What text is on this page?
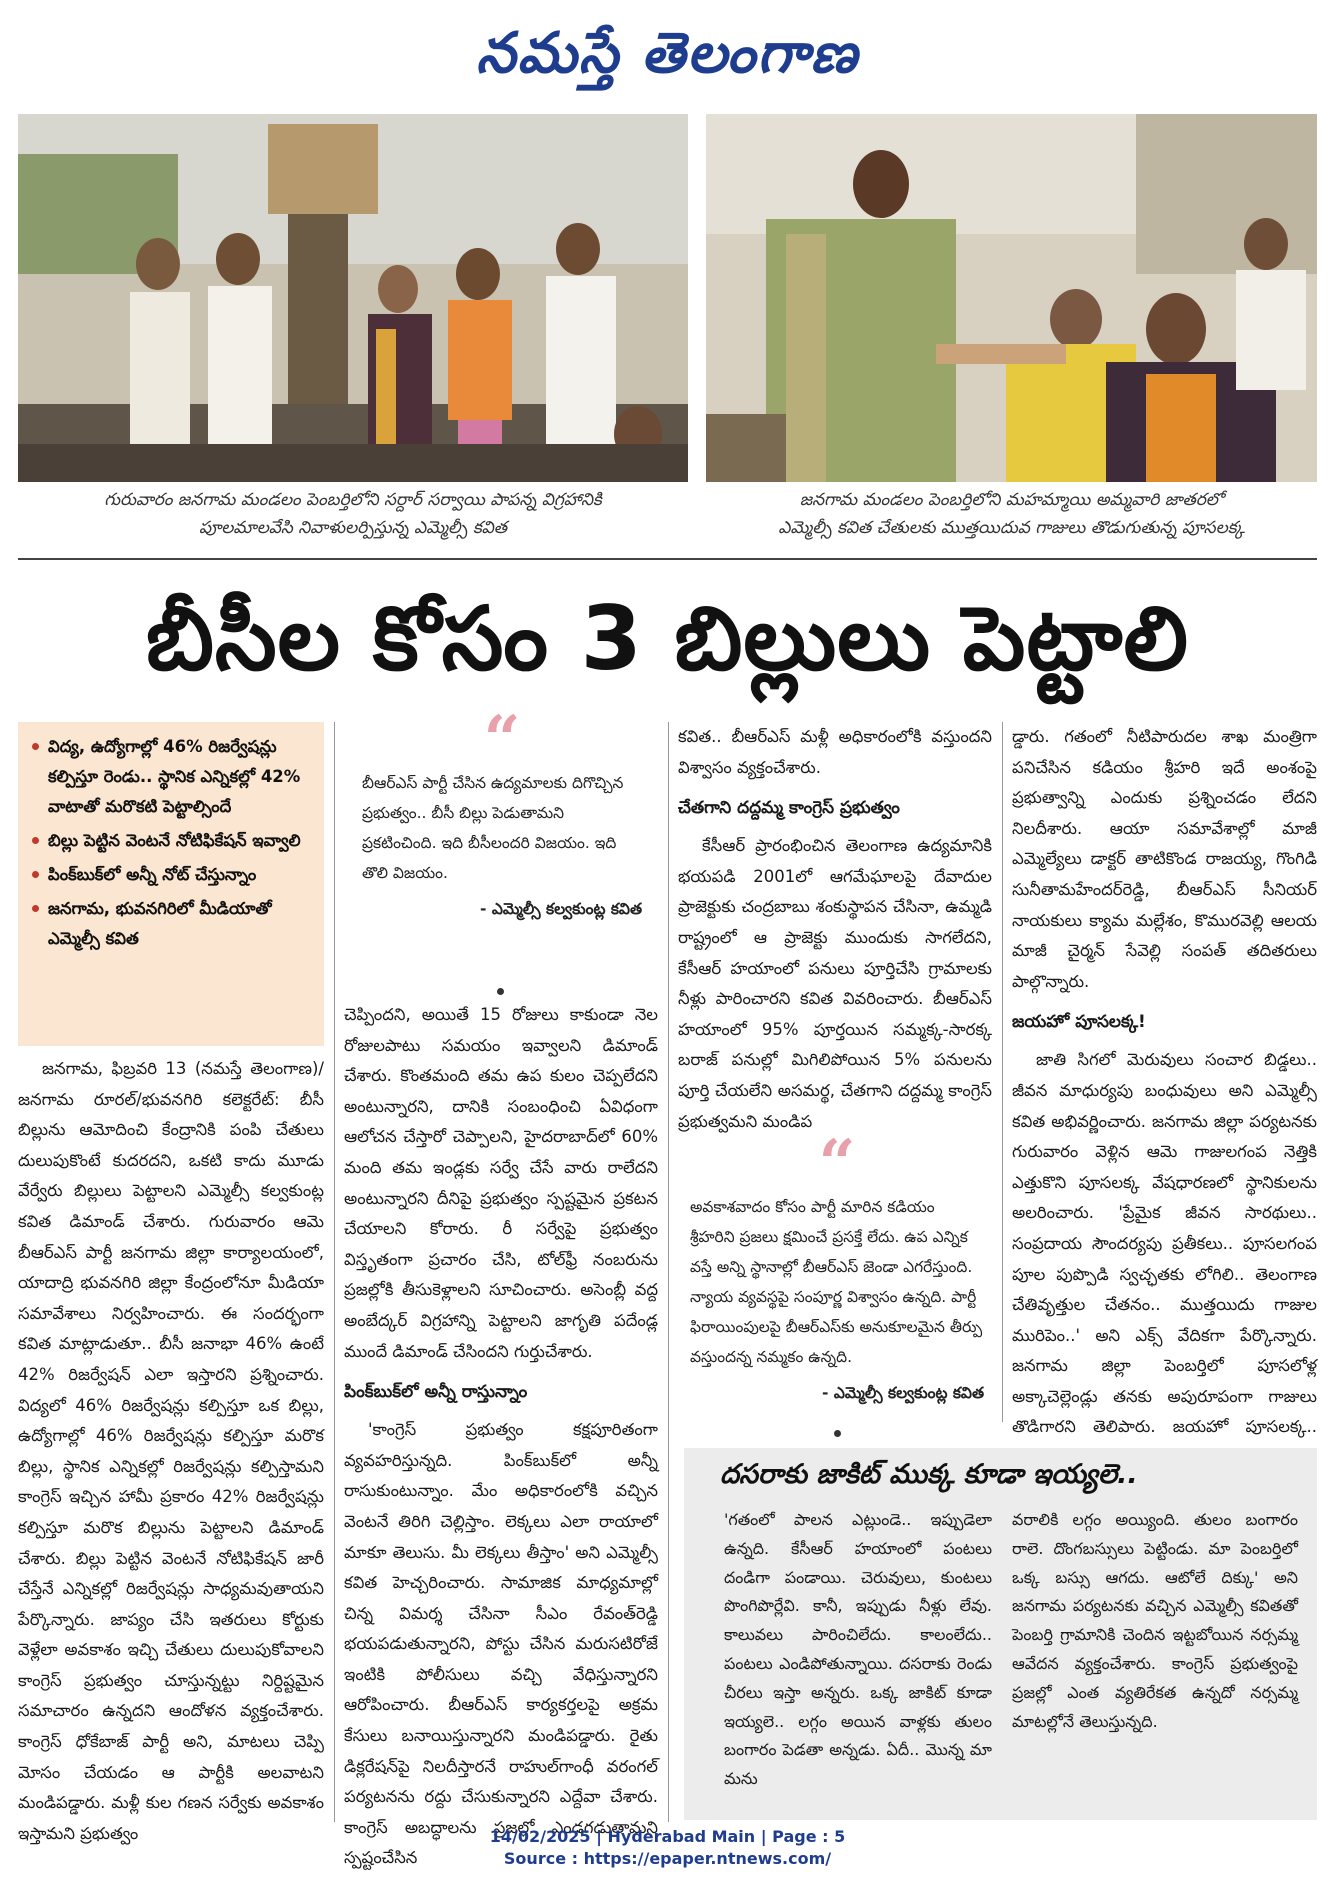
నమస్తే తెలంగాణ
గురువారం జనగామ మండలం పెంబర్తిలోని సర్దార్ సర్వాయి పాపన్న విగ్రహానికి
పూలమాలవేసి నివాళులర్పిస్తున్న ఎమ్మెల్సీ కవిత
జనగామ మండలం పెంబర్తిలోని మహమ్మాయి అమ్మవారి జాతరలో
ఎమ్మెల్సీ కవిత చేతులకు ముత్తయిదువ గాజులు తొడుగుతున్న పూసలక్క
బీసీల కోసం 3 బిల్లులు పెట్టాలి
విద్య, ఉద్యోగాల్లో 46% రిజర్వేషన్లు కల్పిస్తూ రెండు.. స్థానిక ఎన్నికల్లో 42% వాటాతో మరొకటి పెట్టాల్సిందే
బిల్లు పెట్టిన వెంటనే నోటిఫికేషన్ ఇవ్వాలి
పింక్‌బుక్‌లో అన్నీ నోట్ చేస్తున్నాం
జనగామ, భువనగిరిలో మీడియాతో ఎమ్మెల్సీ కవిత
“
బీఆర్ఎస్ పార్టీ చేసిన ఉద్యమాలకు దిగొచ్చిన ప్రభుత్వం.. బీసీ బిల్లు పెడుతామని ప్రకటించింది. ఇది బీసీలందరి విజయం. ఇది తొలి విజయం.
- ఎమ్మెల్సీ కల్వకుంట్ల కవిత

జనగామ, ఫిబ్రవరి 13 (నమస్తే తెలంగాణ)/జనగామ రూరల్/భువనగిరి కలెక్టరేట్: బీసీ బిల్లును ఆమోదించి కేంద్రానికి పంపి చేతులు దులుపుకొంటే కుదరదని, ఒకటి కాదు మూడు వేర్వేరు బిల్లులు పెట్టాలని ఎమ్మెల్సీ కల్వకుంట్ల కవిత డిమాండ్ చేశారు. గురువారం ఆమె బీఆర్ఎస్ పార్టీ జనగామ జిల్లా కార్యాలయంలో, యాదాద్రి భువనగిరి జిల్లా కేంద్రంలోనూ మీడియా సమావేశాలు నిర్వహించారు. ఈ సందర్భంగా కవిత మాట్లాడుతూ.. బీసీ జనాభా 46% ఉంటే 42% రిజర్వేషన్ ఎలా ఇస్తారని ప్రశ్నించారు. విద్యలో 46% రిజర్వేషన్లు కల్పిస్తూ ఒక బిల్లు, ఉద్యోగాల్లో 46% రిజర్వేషన్లు కల్పిస్తూ మరొక బిల్లు, స్థానిక ఎన్నికల్లో రిజర్వేషన్లు కల్పిస్తామని కాంగ్రెస్ ఇచ్చిన హామీ ప్రకారం 42% రిజర్వేషన్లు కల్పిస్తూ మరొక బిల్లును పెట్టాలని డిమాండ్ చేశారు. బిల్లు పెట్టిన వెంటనే నోటిఫికేషన్ జారీ చేస్తేనే ఎన్నికల్లో రిజర్వేషన్లు సాధ్యమవుతాయని పేర్కొన్నారు. జాప్యం చేసి ఇతరులు కోర్టుకు వెళ్లేలా అవకాశం ఇచ్చి చేతులు దులుపుకోవాలని కాంగ్రెస్ ప్రభుత్వం చూస్తున్నట్టు నిర్దిష్టమైన సమాచారం ఉన్నదని ఆందోళన వ్యక్తంచేశారు. కాంగ్రెస్ ధోకేబాజ్ పార్టీ అని, మాటలు చెప్పి మోసం చేయడం ఆ పార్టీకి అలవాటని మండిపడ్డారు. మళ్లీ కుల గణన సర్వేకు అవకాశం ఇస్తామని ప్రభుత్వం

చెప్పిందని, అయితే 15 రోజులు కాకుండా నెల రోజులపాటు సమయం ఇవ్వాలని డిమాండ్ చేశారు. కొంతమంది తమ ఉప కులం చెప్పలేదని అంటున్నారని, దానికి సంబంధించి ఏవిధంగా ఆలోచన చేస్తారో చెప్పాలని, హైదరాబాద్‌లో 60% మంది తమ ఇండ్లకు సర్వే చేసే వారు రాలేదని అంటున్నారని దీనిపై ప్రభుత్వం స్పష్టమైన ప్రకటన చేయాలని కోరారు. రీ సర్వేపై ప్రభుత్వం విస్తృతంగా ప్రచారం చేసి, టోల్‌ఫ్రీ నంబరును ప్రజల్లోకి తీసుకెళ్లాలని సూచించారు. అసెంబ్లీ వద్ద అంబేద్కర్ విగ్రహాన్ని పెట్టాలని జాగృతి పదేండ్ల ముందే డిమాండ్ చేసిందని గుర్తుచేశారు.

పింక్‌బుక్‌లో అన్నీ రాస్తున్నాం

'కాంగ్రెస్ ప్రభుత్వం కక్షపూరితంగా వ్యవహరిస్తున్నది. పింక్‌బుక్‌లో అన్నీ రాసుకుంటున్నాం. మేం అధికారంలోకి వచ్చిన వెంటనే తిరిగి చెల్లిస్తాం. లెక్కలు ఎలా రాయాలో మాకూ తెలుసు. మీ లెక్కలు తీస్తాం' అని ఎమ్మెల్సీ కవిత హెచ్చరించారు. సామాజిక మాధ్యమాల్లో చిన్న విమర్శ చేసినా సీఎం రేవంత్‌రెడ్డి భయపడుతున్నారని, పోస్టు చేసిన మరుసటిరోజే ఇంటికి పోలీసులు వచ్చి వేధిస్తున్నారని ఆరోపించారు. బీఆర్ఎస్ కార్యకర్తలపై అక్రమ కేసులు బనాయిస్తున్నారని మండిపడ్డారు. రైతు డిక్లరేషన్‌పై నిలదీస్తారనే రాహుల్‌గాంధీ వరంగల్ పర్యటనను రద్దు చేసుకున్నారని ఎద్దేవా చేశారు. కాంగ్రెస్ అబద్ధాలను ప్రజల్లో ఎండగడుతామని స్పష్టంచేసిన

కవిత.. బీఆర్ఎస్ మళ్లీ అధికారంలోకి వస్తుందని విశ్వాసం వ్యక్తంచేశారు.

చేతగాని దద్దమ్మ కాంగ్రెస్ ప్రభుత్వం

కేసీఆర్ ప్రారంభించిన తెలంగాణ ఉద్యమానికి భయపడి 2001లో ఆగమేఘాలపై దేవాదుల ప్రాజెక్టుకు చంద్రబాబు శంకుస్థాపన చేసినా, ఉమ్మడి రాష్ట్రంలో ఆ ప్రాజెక్టు ముందుకు సాగలేదని, కేసీఆర్ హయాంలో పనులు పూర్తిచేసి గ్రామాలకు నీళ్లు పారించారని కవిత వివరించారు. బీఆర్ఎస్ హయాంలో 95% పూర్తయిన సమ్మక్క-సారక్క బరాజ్ పనుల్లో మిగిలిపోయిన 5% పనులను పూర్తి చేయలేని అసమర్థ, చేతగాని దద్దమ్మ కాంగ్రెస్ ప్రభుత్వమని మండిప

“
అవకాశవాదం కోసం పార్టీ మారిన కడియం శ్రీహరిని ప్రజలు క్షమించే ప్రసక్తే లేదు. ఉప ఎన్నిక వస్తే అన్ని స్థానాల్లో బీఆర్ఎస్ జెండా ఎగరేస్తుంది. న్యాయ వ్యవస్థపై సంపూర్ణ విశ్వాసం ఉన్నది. పార్టీ ఫిరాయింపులపై బీఆర్ఎస్‌కు అనుకూలమైన తీర్పు వస్తుందన్న నమ్మకం ఉన్నది.
- ఎమ్మెల్సీ కల్వకుంట్ల కవిత

డ్డారు. గతంలో నీటిపారుదల శాఖ మంత్రిగా పనిచేసిన కడియం శ్రీహరి ఇదే అంశంపై ప్రభుత్వాన్ని ఎందుకు ప్రశ్నించడం లేదని నిలదీశారు. ఆయా సమావేశాల్లో మాజీ ఎమ్మెల్యేలు డాక్టర్ తాటికొండ రాజయ్య, గొంగిడి సునీతామహేందర్‌రెడ్డి, బీఆర్ఎస్ సీనియర్ నాయకులు క్యామ మల్లేశం, కొమురవెల్లి ఆలయ మాజీ చైర్మన్ సేవెల్లి సంపత్ తదితరులు పాల్గొన్నారు.

జయహో పూసలక్క!

జాతి సిగలో మెరువులు సంచార బిడ్డలు.. జీవన మాధుర్యపు బంధువులు అని ఎమ్మెల్సీ కవిత అభివర్ణించారు. జనగామ జిల్లా పర్యటనకు గురువారం వెళ్లిన ఆమె గాజులగంప నెత్తికి ఎత్తుకొని పూసలక్క వేషధారణలో స్థానికులను అలరించారు. 'ప్రేమైక జీవన సారథులు.. సంప్రదాయ సౌందర్యపు ప్రతీకలు.. పూసలగంప పూల పుప్పొడి స్వచ్ఛతకు లోగిలి.. తెలంగాణ చేతివృత్తుల చేతనం.. ముత్తయిదు గాజుల మురిపెం..' అని ఎక్స్ వేదికగా పేర్కొన్నారు. జనగామ జిల్లా పెంబర్తిలో పూసలోళ్ల అక్కాచెల్లెండ్లు తనకు అపురూపంగా గాజులు తొడిగారని తెలిపారు. జయహో పూసలక్క..

దసరాకు జాకిట్ ముక్క కూడా ఇయ్యలె..
'గతంలో పాలన ఎట్లుండె.. ఇప్పుడెలా ఉన్నది. కేసీఆర్ హయాంలో పంటలు దండిగా పండాయి. చెరువులు, కుంటలు పొంగిపొర్లేవి. కానీ, ఇప్పుడు నీళ్లు లేవు. కాలువలు పారించిలేదు. కాలంలేదు.. పంటలు ఎండిపోతున్నాయి. దసరాకు రెండు చీరలు ఇస్తా అన్నరు. ఒక్క జాకిట్ కూడా ఇయ్యలె.. లగ్గం అయిన వాళ్లకు తులం బంగారం పెడతా అన్నడు. ఏదీ.. మొన్న మా మను
వరాలికి లగ్గం అయ్యింది. తులం బంగారం రాలె. దొంగబస్సులు పెట్టిండు. మా పెంబర్తిలో ఒక్క బస్సు ఆగదు. ఆటోలే దిక్కు' అని జనగామ పర్యటనకు వచ్చిన ఎమ్మెల్సీ కవితతో పెంబర్తి గ్రామానికి చెందిన ఇట్టబోయిన నర్సమ్మ ఆవేదన వ్యక్తంచేశారు. కాంగ్రెస్ ప్రభుత్వంపై ప్రజల్లో ఎంత వ్యతిరేకత ఉన్నదో నర్సమ్మ మాటల్లోనే తెలుస్తున్నది.
14/02/2025 | Hyderabad Main | Page : 5
Source : https://epaper.ntnews.com/
